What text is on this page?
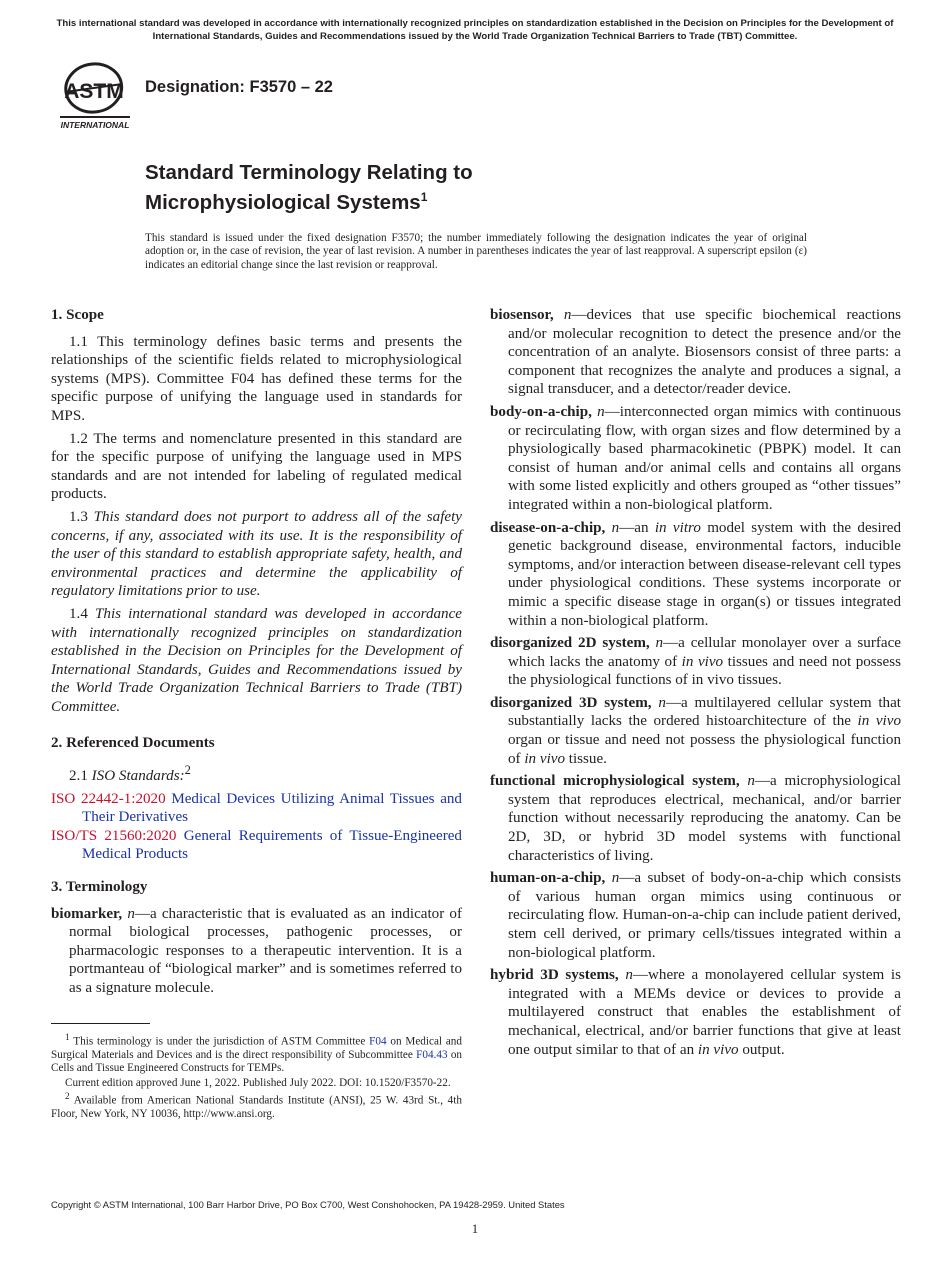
This international standard was developed in accordance with internationally recognized principles on standardization established in the Decision on Principles for the Development of International Standards, Guides and Recommendations issued by the World Trade Organization Technical Barriers to Trade (TBT) Committee.
ASTM
INTERNATIONAL
Designation: F3570 – 22
Standard Terminology Relating to
Microphysiological Systems$^1$
This standard is issued under the fixed designation F3570; the number immediately following the designation indicates the year of original adoption or, in the case of revision, the year of last revision. A number in parentheses indicates the year of last reapproval. A superscript epsilon (ε) indicates an editorial change since the last revision or reapproval.
1. Scope

1.1 This terminology defines basic terms and presents the relationships of the scientific fields related to microphysiological systems (MPS). Committee F04 has defined these terms for the specific purpose of unifying the language used in standards for MPS.

1.2 The terms and nomenclature presented in this standard are for the specific purpose of unifying the language used in MPS standards and are not intended for labeling of regulated medical products.

1.3 This standard does not purport to address all of the safety concerns, if any, associated with its use. It is the responsibility of the user of this standard to establish appropriate safety, health, and environmental practices and determine the applicability of regulatory limitations prior to use.

1.4 This international standard was developed in accordance with internationally recognized principles on standardization established in the Decision on Principles for the Development of International Standards, Guides and Recommendations issued by the World Trade Organization Technical Barriers to Trade (TBT) Committee.

2. Referenced Documents

2.1 ISO Standards:$^2$

ISO 22442-1:2020 Medical Devices Utilizing Animal Tissues and Their Derivatives

ISO/TS 21560:2020 General Requirements of Tissue-Engineered Medical Products

3. Terminology

biomarker, n—a characteristic that is evaluated as an indicator of normal biological processes, pathogenic processes, or pharmacologic responses to a therapeutic intervention. It is a portmanteau of “biological marker” and is sometimes referred to as a signature molecule.

biosensor, n—devices that use specific biochemical reactions and/or molecular recognition to detect the presence and/or the concentration of an analyte. Biosensors consist of three parts: a component that recognizes the analyte and produces a signal, a signal transducer, and a detector/reader device.

body-on-a-chip, n—interconnected organ mimics with continuous or recirculating flow, with organ sizes and flow determined by a physiologically based pharmacokinetic (PBPK) model. It can consist of human and/or animal cells and contains all organs with some listed explicitly and others grouped as “other tissues” integrated within a non-biological platform.

disease-on-a-chip, n—an in vitro model system with the desired genetic background disease, environmental factors, inducible symptoms, and/or interaction between disease-relevant cell types under physiological conditions. These systems incorporate or mimic a specific disease stage in organ(s) or tissues integrated within a non-biological platform.

disorganized 2D system, n—a cellular monolayer over a surface which lacks the anatomy of in vivo tissues and need not possess the physiological functions of in vivo tissues.

disorganized 3D system, n—a multilayered cellular system that substantially lacks the ordered histoarchitecture of the in vivo organ or tissue and need not possess the physiological function of in vivo tissue.

functional microphysiological system, n—a microphysiological system that reproduces electrical, mechanical, and/or barrier function without necessarily reproducing the anatomy. Can be 2D, 3D, or hybrid 3D model systems with functional characteristics of living.

human-on-a-chip, n—a subset of body-on-a-chip which consists of various human organ mimics using continuous or recirculating flow. Human-on-a-chip can include patient derived, stem cell derived, or primary cells/tissues integrated within a non-biological platform.

hybrid 3D systems, n—where a monolayered cellular system is integrated with a MEMs device or devices to provide a multilayered construct that enables the establishment of mechanical, electrical, and/or barrier functions that give at least one output similar to that of an in vivo output.

$^1$ This terminology is under the jurisdiction of ASTM Committee F04 on Medical and Surgical Materials and Devices and is the direct responsibility of Subcommittee F04.43 on Cells and Tissue Engineered Constructs for TEMPs.

Current edition approved June 1, 2022. Published July 2022. DOI: 10.1520/F3570-22.

$^2$ Available from American National Standards Institute (ANSI), 25 W. 43rd St., 4th Floor, New York, NY 10036, http://www.ansi.org.

Copyright © ASTM International, 100 Barr Harbor Drive, PO Box C700, West Conshohocken, PA 19428-2959. United States
1
